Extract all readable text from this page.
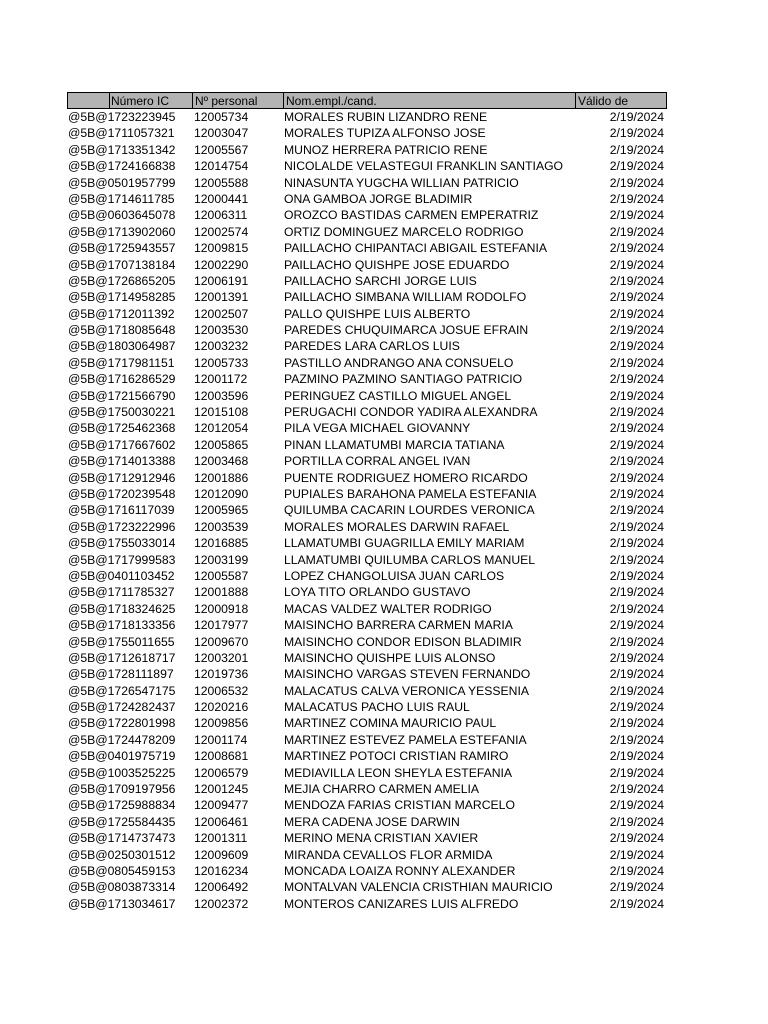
Número IC Nº personal Nom.empl./cand.	Válido de
@5B@1723223945 12005734	MORALES RUBIN LIZANDRO RENE	2/19/2024
@5B@1711057321 12003047	MORALES TUPIZA ALFONSO JOSE	2/19/2024
@5B@1713351342 12005567	MUNOZ HERRERA PATRICIO RENE	2/19/2024
@5B@1724166838 12014754	NICOLALDE VELASTEGUI FRANKLIN SANTIAGO	2/19/2024
@5B@0501957799 12005588	NINASUNTA YUGCHA WILLIAN PATRICIO	2/19/2024
@5B@1714611785 12000441	ONA GAMBOA JORGE BLADIMIR	2/19/2024
@5B@0603645078 12006311	OROZCO BASTIDAS CARMEN EMPERATRIZ	2/19/2024
@5B@1713902060 12002574	ORTIZ DOMINGUEZ MARCELO RODRIGO	2/19/2024
@5B@1725943557 12009815	PAILLACHO CHIPANTACI ABIGAIL ESTEFANIA	2/19/2024
@5B@1707138184 12002290	PAILLACHO QUISHPE JOSE EDUARDO	2/19/2024
@5B@1726865205 12006191	PAILLACHO SARCHI JORGE LUIS	2/19/2024
@5B@1714958285 12001391	PAILLACHO SIMBANA WILLIAM RODOLFO	2/19/2024
@5B@1712011392 12002507	PALLO QUISHPE LUIS ALBERTO	2/19/2024
@5B@1718085648 12003530	PAREDES CHUQUIMARCA JOSUE EFRAIN	2/19/2024
@5B@1803064987 12003232	PAREDES LARA CARLOS LUIS	2/19/2024
@5B@1717981151 12005733	PASTILLO ANDRANGO ANA CONSUELO	2/19/2024
@5B@1716286529 12001172	PAZMINO PAZMINO SANTIAGO PATRICIO	2/19/2024
@5B@1721566790 12003596	PERINGUEZ CASTILLO MIGUEL ANGEL	2/19/2024
@5B@1750030221 12015108	PERUGACHI CONDOR YADIRA ALEXANDRA	2/19/2024
@5B@1725462368 12012054	PILA VEGA MICHAEL GIOVANNY	2/19/2024
@5B@1717667602 12005865	PINAN LLAMATUMBI MARCIA TATIANA	2/19/2024
@5B@1714013388 12003468	PORTILLA CORRAL ANGEL IVAN	2/19/2024
@5B@1712912946 12001886	PUENTE RODRIGUEZ HOMERO RICARDO	2/19/2024
@5B@1720239548 12012090	PUPIALES BARAHONA PAMELA ESTEFANIA	2/19/2024
@5B@1716117039 12005965	QUILUMBA CACARIN LOURDES VERONICA	2/19/2024
@5B@1723222996 12003539	MORALES MORALES DARWIN RAFAEL	2/19/2024
@5B@1755033014 12016885	LLAMATUMBI GUAGRILLA EMILY MARIAM	2/19/2024
@5B@1717999583 12003199	LLAMATUMBI QUILUMBA CARLOS MANUEL	2/19/2024
@5B@0401103452 12005587	LOPEZ CHANGOLUISA JUAN CARLOS	2/19/2024
@5B@1711785327 12001888	LOYA TITO ORLANDO GUSTAVO	2/19/2024
@5B@1718324625 12000918	MACAS VALDEZ WALTER RODRIGO	2/19/2024
@5B@1718133356 12017977	MAISINCHO BARRERA CARMEN MARIA	2/19/2024
@5B@1755011655 12009670	MAISINCHO CONDOR EDISON BLADIMIR	2/19/2024
@5B@1712618717 12003201	MAISINCHO QUISHPE LUIS ALONSO	2/19/2024
@5B@1728111897 12019736	MAISINCHO VARGAS STEVEN FERNANDO	2/19/2024
@5B@1726547175 12006532	MALACATUS CALVA VERONICA YESSENIA	2/19/2024
@5B@1724282437 12020216	MALACATUS PACHO LUIS RAUL	2/19/2024
@5B@1722801998 12009856	MARTINEZ COMINA MAURICIO PAUL	2/19/2024
@5B@1724478209 12001174	MARTINEZ ESTEVEZ PAMELA ESTEFANIA	2/19/2024
@5B@0401975719 12008681	MARTINEZ POTOCI CRISTIAN RAMIRO	2/19/2024
@5B@1003525225 12006579	MEDIAVILLA LEON SHEYLA ESTEFANIA	2/19/2024
@5B@1709197956 12001245	MEJIA CHARRO CARMEN AMELIA	2/19/2024
@5B@1725988834 12009477	MENDOZA FARIAS CRISTIAN MARCELO	2/19/2024
@5B@1725584435 12006461	MERA CADENA JOSE DARWIN	2/19/2024
@5B@1714737473 12001311	MERINO MENA CRISTIAN XAVIER	2/19/2024
@5B@0250301512 12009609	MIRANDA CEVALLOS FLOR ARMIDA	2/19/2024
@5B@0805459153 12016234	MONCADA LOAIZA RONNY ALEXANDER	2/19/2024
@5B@0803873314 12006492	MONTALVAN VALENCIA CRISTHIAN MAURICIO	2/19/2024
@5B@1713034617 12002372	MONTEROS CANIZARES LUIS ALFREDO	2/19/2024
